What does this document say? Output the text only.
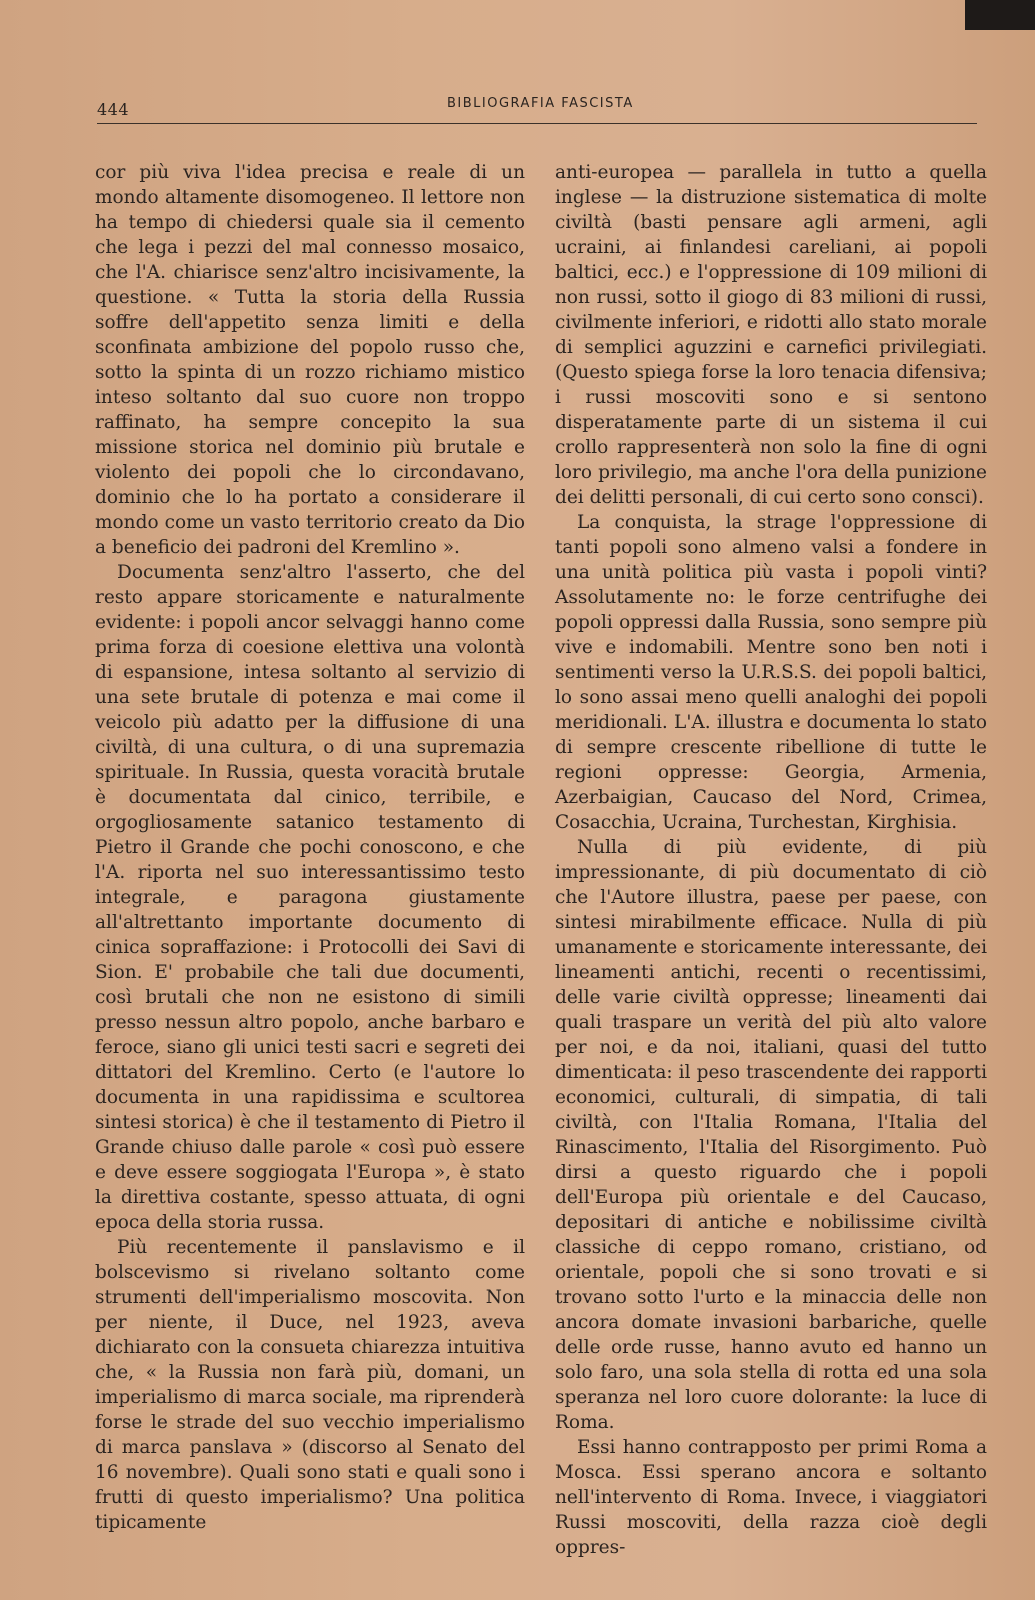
444	BIBLIOGRAFIA FASCISTA

cor più viva l'idea precisa e reale di un mondo altamente disomogeneo. Il lettore non ha tempo di chiedersi quale sia il cemento che lega i pezzi del mal connesso mosaico, che l'A. chiarisce senz'altro incisivamente, la questione. « Tutta la storia della Russia soffre dell'appetito senza limiti e della sconfinata ambizione del popolo russo che, sotto la spinta di un rozzo richiamo mistico inteso soltanto dal suo cuore non troppo raffinato, ha sempre concepito la sua missione storica nel dominio più brutale e violento dei popoli che lo circondavano, dominio che lo ha portato a considerare il mondo come un vasto territorio creato da Dio a beneficio dei padroni del Kremlino ».

Documenta senz'altro l'asserto, che del resto appare storicamente e naturalmente evidente: i popoli ancor selvaggi hanno come prima forza di coesione elettiva una volontà di espansione, intesa soltanto al servizio di una sete brutale di potenza e mai come il veicolo più adatto per la diffusione di una civiltà, di una cultura, o di una supremazia spirituale. In Russia, questa voracità brutale è documentata dal cinico, terribile, e orgogliosamente satanico testamento di Pietro il Grande che pochi conoscono, e che l'A. riporta nel suo interessantissimo testo integrale, e paragona giustamente all'altrettanto importante documento di cinica sopraffazione: i Protocolli dei Savi di Sion. E' probabile che tali due documenti, così brutali che non ne esistono di simili presso nessun altro popolo, anche barbaro e feroce, siano gli unici testi sacri e segreti dei dittatori del Kremlino. Certo (e l'autore lo documenta in una rapidissima e scultorea sintesi storica) è che il testamento di Pietro il Grande chiuso dalle parole « così può essere e deve essere soggiogata l'Europa », è stato la direttiva costante, spesso attuata, di ogni epoca della storia russa.

Più recentemente il panslavismo e il bolscevismo si rivelano soltanto come strumenti dell'imperialismo moscovita. Non per niente, il Duce, nel 1923, aveva dichiarato con la consueta chiarezza intuitiva che, « la Russia non farà più, domani, un imperialismo di marca sociale, ma riprenderà forse le strade del suo vecchio imperialismo di marca panslava » (discorso al Senato del 16 novembre). Quali sono stati e quali sono i frutti di questo imperialismo? Una politica tipicamente

anti-europea — parallela in tutto a quella inglese — la distruzione sistematica di molte civiltà (basti pensare agli armeni, agli ucraini, ai finlandesi careliani, ai popoli baltici, ecc.) e l'oppressione di 109 milioni di non russi, sotto il giogo di 83 milioni di russi, civilmente inferiori, e ridotti allo stato morale di semplici aguzzini e carnefici privilegiati. (Questo spiega forse la loro tenacia difensiva; i russi moscoviti sono e si sentono disperatamente parte di un sistema il cui crollo rappresenterà non solo la fine di ogni loro privilegio, ma anche l'ora della punizione dei delitti personali, di cui certo sono consci).

La conquista, la strage l'oppressione di tanti popoli sono almeno valsi a fondere in una unità politica più vasta i popoli vinti? Assolutamente no: le forze centrifughe dei popoli oppressi dalla Russia, sono sempre più vive e indomabili. Mentre sono ben noti i sentimenti verso la U.R.S.S. dei popoli baltici, lo sono assai meno quelli analoghi dei popoli meridionali. L'A. illustra e documenta lo stato di sempre crescente ribellione di tutte le regioni oppresse: Georgia, Armenia, Azerbaigian, Caucaso del Nord, Crimea, Cosacchia, Ucraina, Turchestan, Kirghisia.

Nulla di più evidente, di più impressionante, di più documentato di ciò che l'Autore illustra, paese per paese, con sintesi mirabilmente efficace. Nulla di più umanamente e storicamente interessante, dei lineamenti antichi, recenti o recentissimi, delle varie civiltà oppresse; lineamenti dai quali traspare un verità del più alto valore per noi, e da noi, italiani, quasi del tutto dimenticata: il peso trascendente dei rapporti economici, culturali, di simpatia, di tali civiltà, con l'Italia Romana, l'Italia del Rinascimento, l'Italia del Risorgimento. Può dirsi a questo riguardo che i popoli dell'Europa più orientale e del Caucaso, depositari di antiche e nobilissime civiltà classiche di ceppo romano, cristiano, od orientale, popoli che si sono trovati e si trovano sotto l'urto e la minaccia delle non ancora domate invasioni barbariche, quelle delle orde russe, hanno avuto ed hanno un solo faro, una sola stella di rotta ed una sola speranza nel loro cuore dolorante: la luce di Roma.

Essi hanno contrapposto per primi Roma a Mosca. Essi sperano ancora e soltanto nell'intervento di Roma. Invece, i viaggiatori Russi moscoviti, della razza cioè degli oppres-
